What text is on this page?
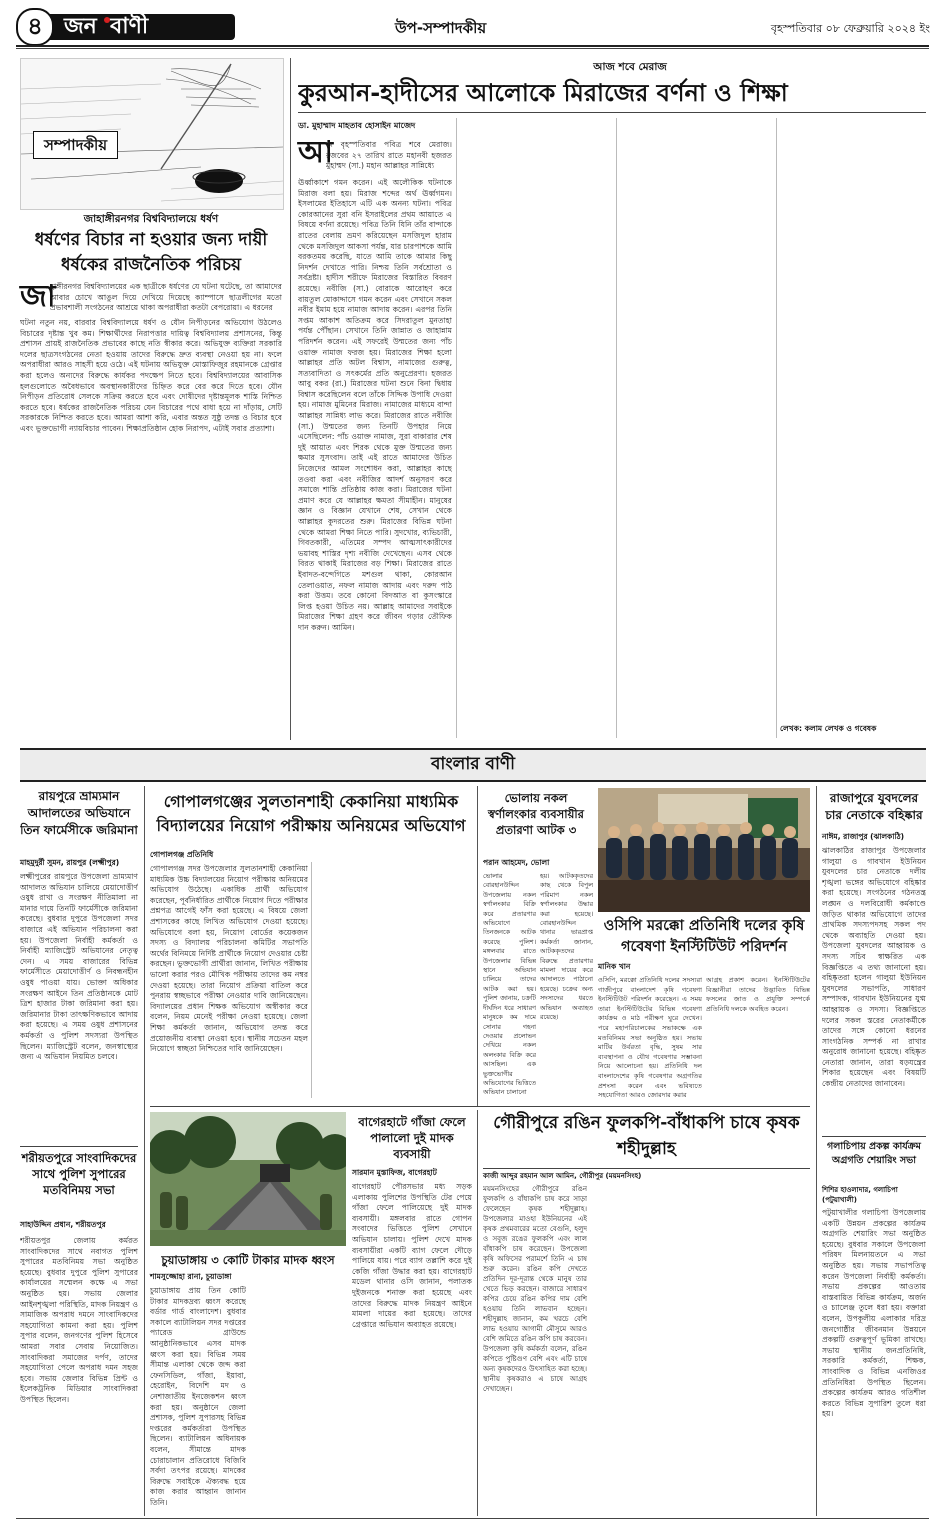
৪ জন বাণী	উপ-সম্পাদকীয়	বৃহস্পতিবার ০৮ ফেব্রুয়ারি ২০২৪ ইং
সম্পাদকীয়
জাহাঙ্গীরনগর বিশ্ববিদ্যালয়ে ধর্ষণ
ধর্ষণের বিচার না হওয়ার জন্য দায়ী ধর্ষকের রাজনৈতিক পরিচয়
জা
হাঙ্গীরনগর বিশ্ববিদ্যালয়ের এক ছাত্রীকে ধর্ষণের যে ঘটনা ঘটেছে, তা আমাদের আবার চোখে আঙুল দিয়ে দেখিয়ে দিয়েছে ক্যাম্পাসে ছাত্রলীগের মতো প্রভাবশালী সংগঠনের আশ্রয়ে থাকা অপরাধীরা কতটা বেপরোয়া। এ ধরনের
ঘটনা নতুন নয়, বারবার বিশ্ববিদ্যালয়ে ধর্ষণ ও যৌন নিপীড়নের অভিযোগ উঠলেও বিচারের দৃষ্টান্ত খুব কম। শিক্ষার্থীদের নিরাপত্তার দায়িত্ব বিশ্ববিদ্যালয় প্রশাসনের, কিন্তু প্রশাসন প্রায়ই রাজনৈতিক প্রভাবের কাছে নতি স্বীকার করে। অভিযুক্ত ব্যক্তিরা সরকারি দলের ছাত্রসংগঠনের নেতা হওয়ায় তাদের বিরুদ্ধে দ্রুত ব্যবস্থা নেওয়া হয় না। ফলে অপরাধীরা আরও সাহসী হয়ে ওঠে। এই ঘটনায় অভিযুক্ত মোস্তাফিজুর রহমানকে গ্রেপ্তার করা হলেও অন্যদের বিরুদ্ধে কার্যকর পদক্ষেপ নিতে হবে। বিশ্ববিদ্যালয়ের আবাসিক হলগুলোতে অবৈধভাবে অবস্থানকারীদের চিহ্নিত করে বের করে দিতে হবে। যৌন নিপীড়ন প্রতিরোধ সেলকে সক্রিয় করতে হবে এবং দোষীদের দৃষ্টান্তমূলক শাস্তি নিশ্চিত করতে হবে। ধর্ষকের রাজনৈতিক পরিচয় যেন বিচারের পথে বাধা হয়ে না দাঁড়ায়, সেটি সরকারকে নিশ্চিত করতে হবে। আমরা আশা করি, এবার অন্তত সুষ্ঠু তদন্ত ও বিচার হবে এবং ভুক্তভোগী ন্যায়বিচার পাবেন। শিক্ষাপ্রতিষ্ঠান হোক নিরাপদ, এটাই সবার প্রত্যাশা।
আজ শবে মেরাজ
কুরআন-হাদীসের আলোকে মিরাজের বর্ণনা ও শিক্ষা
ডা. মুহাম্মাদ মাহতাব হোসাইন মাজেদ
আ
জ বৃহস্পতিবার পবিত্র শবে মেরাজ। রজবের ২৭ তারিখ রাতে মহানবী হজরত মুহাম্মদ (সা.) মহান আল্লাহর সান্নিধ্যে
ঊর্ধ্বাকাশে গমন করেন। এই অলৌকিক ঘটনাকে মিরাজ বলা হয়। মিরাজ শব্দের অর্থ ঊর্ধ্বগমন। ইসলামের ইতিহাসে এটি এক অনন্য ঘটনা। পবিত্র কোরআনের সুরা বনি ইসরাইলের প্রথম আয়াতে এ বিষয়ে বর্ণনা রয়েছে। পবিত্র তিনি যিনি তাঁর বান্দাকে রাতের বেলায় ভ্রমণ করিয়েছেন মসজিদুল হারাম থেকে মসজিদুল আকসা পর্যন্ত, যার চারপাশকে আমি বরকতময় করেছি, যাতে আমি তাকে আমার কিছু নিদর্শন দেখাতে পারি। নিশ্চয় তিনি সর্বশ্রোতা ও সর্বদ্রষ্টা। হাদীস শরীফে মিরাজের বিস্তারিত বিবরণ রয়েছে। নবীজি (সা.) বোরাকে আরোহণ করে বায়তুল মোকাদ্দাসে গমন করেন এবং সেখানে সকল নবীর ইমাম হয়ে নামাজ আদায় করেন। এরপর তিনি সপ্তম আকাশ অতিক্রম করে সিদরাতুল মুনতাহা পর্যন্ত পৌঁছান। সেখানে তিনি জান্নাত ও জাহান্নাম পরিদর্শন করেন। এই সফরেই উম্মতের জন্য পাঁচ ওয়াক্ত নামাজ ফরজ হয়। মিরাজের শিক্ষা হলো আল্লাহর প্রতি অটল বিশ্বাস, নামাজের গুরুত্ব, সত্যবাদিতা ও সৎকর্মের প্রতি অনুপ্রেরণা। হজরত আবু বকর (রা.) মিরাজের ঘটনা শুনে বিনা দ্বিধায় বিশ্বাস করেছিলেন বলে তাঁকে সিদ্দিক উপাধি দেওয়া হয়। নামাজ মুমিনের মিরাজ। নামাজের মাধ্যমে বান্দা আল্লাহর সান্নিধ্য লাভ করে। মিরাজের রাতে নবীজি (সা.) উম্মতের জন্য তিনটি উপহার নিয়ে এসেছিলেন: পাঁচ ওয়াক্ত নামাজ, সুরা বাকারার শেষ দুই আয়াত এবং শিরক থেকে মুক্ত উম্মতের জন্য ক্ষমার সুসংবাদ। তাই এই রাতে আমাদের উচিত নিজেদের আমল সংশোধন করা, আল্লাহর কাছে তওবা করা এবং নবীজির আদর্শ অনুসরণ করে সমাজে শান্তি প্রতিষ্ঠায় কাজ করা। মিরাজের ঘটনা প্রমাণ করে যে আল্লাহর ক্ষমতা সীমাহীন। মানুষের জ্ঞান ও বিজ্ঞান যেখানে শেষ, সেখান থেকে আল্লাহর কুদরতের শুরু। মিরাজের বিভিন্ন ঘটনা থেকে আমরা শিক্ষা নিতে পারি। সুদখোর, ব্যভিচারী, গিবতকারী, এতিমের সম্পদ আত্মসাৎকারীদের ভয়াবহ শাস্তির দৃশ্য নবীজি দেখেছেন। এসব থেকে বিরত থাকাই মিরাজের বড় শিক্ষা। মিরাজের রাতে ইবাদত-বন্দেগিতে মশগুল থাকা, কোরআন তেলাওয়াত, নফল নামাজ আদায় এবং দরুদ পাঠ করা উত্তম। তবে কোনো বিদআত বা কুসংস্কারে লিপ্ত হওয়া উচিত নয়। আল্লাহ আমাদের সবাইকে মিরাজের শিক্ষা গ্রহণ করে জীবন গড়ার তৌফিক দান করুন। আমিন।
লেখক: কলাম লেখক ও গবেষক
বাংলার বাণী
রায়পুরে ভ্রাম্যমান আদালতের অভিযানে তিন ফার্মেসীকে জরিমানা
মাহমুদুর্রী সুমন, রায়পুর (লক্ষ্মীপুর)
লক্ষ্মীপুরের রায়পুরে উপজেলা ভ্রাম্যমাণ আদালত অভিযান চালিয়ে মেয়াদোত্তীর্ণ ওষুধ রাখা ও সংরক্ষণ নীতিমালা না মানার দায়ে তিনটি ফার্মেসীকে জরিমানা করেছে। বুধবার দুপুরে উপজেলা সদর বাজারে এই অভিযান পরিচালনা করা হয়। উপজেলা নির্বাহী কর্মকর্তা ও নির্বাহী ম্যাজিস্ট্রেট অভিযানের নেতৃত্ব দেন। এ সময় বাজারের বিভিন্ন ফার্মেসীতে মেয়াদোত্তীর্ণ ও নিবন্ধনহীন ওষুধ পাওয়া যায়। ভোক্তা অধিকার সংরক্ষণ আইনে তিন প্রতিষ্ঠানকে মোট ত্রিশ হাজার টাকা জরিমানা করা হয়। জরিমানার টাকা তাৎক্ষণিকভাবে আদায় করা হয়েছে। এ সময় ওষুধ প্রশাসনের কর্মকর্তা ও পুলিশ সদস্যরা উপস্থিত ছিলেন। ম্যাজিস্ট্রেট বলেন, জনস্বাস্থ্যের জন্য এ অভিযান নিয়মিত চলবে।
শরীয়তপুরে সাংবাদিকদের সাথে পুলিশ সুপারের মতবিনিময় সভা
সাহাউদ্দিন প্রধান, শরীয়তপুর
শরীয়তপুর জেলায় কর্মরত সাংবাদিকদের সাথে নবাগত পুলিশ সুপারের মতবিনিময় সভা অনুষ্ঠিত হয়েছে। বুধবার দুপুরে পুলিশ সুপারের কার্যালয়ের সম্মেলন কক্ষে এ সভা অনুষ্ঠিত হয়। সভায় জেলার আইনশৃঙ্খলা পরিস্থিতি, মাদক নিয়ন্ত্রণ ও সামাজিক অপরাধ দমনে সাংবাদিকদের সহযোগিতা কামনা করা হয়। পুলিশ সুপার বলেন, জনগণের পুলিশ হিসেবে আমরা সবার সেবায় নিয়োজিত। সাংবাদিকরা সমাজের দর্পণ, তাদের সহযোগিতা পেলে অপরাধ দমন সহজ হবে। সভায় জেলার বিভিন্ন প্রিন্ট ও ইলেকট্রনিক মিডিয়ার সাংবাদিকরা উপস্থিত ছিলেন।
গোপালগঞ্জের সুলতানশাহী কেকানিয়া মাধ্যমিক বিদ্যালয়ের নিয়োগ পরীক্ষায় অনিয়মের অভিযোগ
গোপালগঞ্জ প্রতিনিধি
গোপালগঞ্জ সদর উপজেলার সুলতানশাহী কেকানিয়া মাধ্যমিক উচ্চ বিদ্যালয়ের নিয়োগ পরীক্ষায় অনিয়মের অভিযোগ উঠেছে। একাধিক প্রার্থী অভিযোগ করেছেন, পূর্বনির্ধারিত প্রার্থীকে নিয়োগ দিতে পরীক্ষার প্রশ্নপত্র আগেই ফাঁস করা হয়েছে। এ বিষয়ে জেলা প্রশাসকের কাছে লিখিত অভিযোগ দেওয়া হয়েছে। অভিযোগে বলা হয়, নিয়োগ বোর্ডের কয়েকজন সদস্য ও বিদ্যালয় পরিচালনা কমিটির সভাপতি অর্থের বিনিময়ে নির্দিষ্ট প্রার্থীকে নিয়োগ দেওয়ার চেষ্টা করছেন। ভুক্তভোগী প্রার্থীরা জানান, লিখিত পরীক্ষায় ভালো করার পরও মৌখিক পরীক্ষায় তাদের কম নম্বর দেওয়া হয়েছে। তারা নিয়োগ প্রক্রিয়া বাতিল করে পুনরায় স্বচ্ছভাবে পরীক্ষা নেওয়ার দাবি জানিয়েছেন। বিদ্যালয়ের প্রধান শিক্ষক অভিযোগ অস্বীকার করে বলেন, নিয়ম মেনেই পরীক্ষা নেওয়া হয়েছে। জেলা শিক্ষা কর্মকর্তা জানান, অভিযোগ তদন্ত করে প্রয়োজনীয় ব্যবস্থা নেওয়া হবে। স্থানীয় সচেতন মহল নিয়োগে স্বচ্ছতা নিশ্চিতের দাবি জানিয়েছেন।
ভোলায় নকল স্বর্ণালংকার ব্যবসায়ীর প্রতারণা আটক ৩
পরান আহমেদ, ভোলা
ভোলার বোরহানউদ্দিন উপজেলায় নকল স্বর্ণালংকার বিক্রি করে প্রতারণার অভিযোগে তিনজনকে আটক করেছে পুলিশ। মঙ্গলবার রাতে উপজেলার বিভিন্ন স্থানে অভিযান চালিয়ে তাদের আটক করা হয়। পুলিশ জানায়, চক্রটি দীর্ঘদিন ধরে সাধারণ মানুষকে কম দামে সোনার গহনা দেওয়ার প্রলোভন দেখিয়ে নকল অলংকার বিক্রি করে আসছিল। এক ভুক্তভোগীর অভিযোগের ভিত্তিতে অভিযান চালানো
হয়। আটককৃতদের কাছ থেকে বিপুল পরিমাণ নকল স্বর্ণালংকার উদ্ধার করা হয়েছে। বোরহানউদ্দিন থানার ভারপ্রাপ্ত কর্মকর্তা জানান, আটককৃতদের বিরুদ্ধে প্রতারণার মামলা দায়ের করে আদালতে পাঠানো হয়েছে। চক্রের অন্য সদস্যদের ধরতে অভিযান অব্যাহত রয়েছে।
ওসিপি মরক্কো প্রতিনিধি দলের কৃষি গবেষণা ইনস্টিটিউট পরিদর্শন
মানিক খান
ওসিপি, মরক্কো প্রতিনিধি দলের সদস্যরা গাজীপুরে বাংলাদেশ কৃষি গবেষণা ইনস্টিটিউট পরিদর্শন করেছেন। এ সময় তারা ইনস্টিটিউটের বিভিন্ন গবেষণা কার্যক্রম ও মাঠ পরীক্ষণ ঘুরে দেখেন। পরে মহাপরিচালকের সভাকক্ষে এক মতবিনিময় সভা অনুষ্ঠিত হয়। সভায় মাটির উর্বরতা বৃদ্ধি, সুষম সার ব্যবস্থাপনা ও যৌথ গবেষণার সম্ভাবনা নিয়ে আলোচনা হয়। প্রতিনিধি দল বাংলাদেশের কৃষি গবেষণার অগ্রগতির প্রশংসা করেন এবং ভবিষ্যতে সহযোগিতা আরও জোরদার করার
আগ্রহ প্রকাশ করেন। ইনস্টিটিউটের বিজ্ঞানীরা তাদের উদ্ভাবিত বিভিন্ন ফসলের জাত ও প্রযুক্তি সম্পর্কে প্রতিনিধি দলকে অবহিত করেন।
রাজাপুরে যুবদলের চার নেতাকে বহিষ্কার
নাঈম, রাজাপুর (ঝালকাঠি)
ঝালকাঠির রাজাপুর উপজেলার গালুয়া ও গাবখান ইউনিয়ন যুবদলের চার নেতাকে দলীয় শৃঙ্খলা ভঙ্গের অভিযোগে বহিষ্কার করা হয়েছে। সংগঠনের গঠনতন্ত্র লঙ্ঘন ও দলবিরোধী কর্মকাণ্ডে জড়িত থাকার অভিযোগে তাদের প্রাথমিক সদস্যপদসহ সকল পদ থেকে অব্যাহতি দেওয়া হয়। উপজেলা যুবদলের আহ্বায়ক ও সদস্য সচিব স্বাক্ষরিত এক বিজ্ঞপ্তিতে এ তথ্য জানানো হয়। বহিষ্কৃতরা হলেন গালুয়া ইউনিয়ন যুবদলের সভাপতি, সাধারণ সম্পাদক, গাবখান ইউনিয়নের যুগ্ম আহ্বায়ক ও সদস্য। বিজ্ঞপ্তিতে দলের সকল স্তরের নেতাকর্মীকে তাদের সঙ্গে কোনো ধরনের সাংগঠনিক সম্পর্ক না রাখার অনুরোধ জানানো হয়েছে। বহিষ্কৃত নেতারা জানান, তারা ষড়যন্ত্রের শিকার হয়েছেন এবং বিষয়টি কেন্দ্রীয় নেতাদের জানাবেন।
গলাচিপায় প্রকল্প কার্যক্রম অগ্রগতি শেয়ারিং সভা
শিশির হাওলাদার, গলাচিপা (পটুয়াখালী)
পটুয়াখালীর গলাচিপা উপজেলায় একটি উন্নয়ন প্রকল্পের কার্যক্রম অগ্রগতি শেয়ারিং সভা অনুষ্ঠিত হয়েছে। বুধবার সকালে উপজেলা পরিষদ মিলনায়তনে এ সভা অনুষ্ঠিত হয়। সভায় সভাপতিত্ব করেন উপজেলা নির্বাহী কর্মকর্তা। সভায় প্রকল্পের আওতায় বাস্তবায়িত বিভিন্ন কার্যক্রম, অর্জন ও চ্যালেঞ্জ তুলে ধরা হয়। বক্তারা বলেন, উপকূলীয় এলাকার দরিদ্র জনগোষ্ঠীর জীবনমান উন্নয়নে প্রকল্পটি গুরুত্বপূর্ণ ভূমিকা রাখছে। সভায় স্থানীয় জনপ্রতিনিধি, সরকারি কর্মকর্তা, শিক্ষক, সাংবাদিক ও বিভিন্ন এনজিওর প্রতিনিধিরা উপস্থিত ছিলেন। প্রকল্পের কার্যক্রম আরও গতিশীল করতে বিভিন্ন সুপারিশ তুলে ধরা হয়।
বাগেরহাটে গাঁজা ফেলে পালালো দুই মাদক ব্যবসায়ী
সারমান মুস্তাফিজ, বাগেরহাট
বাগেরহাট পৌরসভার মধ্য সড়ক এলাকায় পুলিশের উপস্থিতি টের পেয়ে গাঁজা ফেলে পালিয়েছে দুই মাদক ব্যবসায়ী। মঙ্গলবার রাতে গোপন সংবাদের ভিত্তিতে পুলিশ সেখানে অভিযান চালায়। পুলিশ দেখে মাদক ব্যবসায়ীরা একটি ব্যাগ ফেলে দৌড়ে পালিয়ে যায়। পরে ব্যাগ তল্লাশি করে দুই কেজি গাঁজা উদ্ধার করা হয়। বাগেরহাট মডেল থানার ওসি জানান, পলাতক দুইজনকে শনাক্ত করা হয়েছে এবং তাদের বিরুদ্ধে মাদক নিয়ন্ত্রণ আইনে মামলা দায়ের করা হয়েছে। তাদের গ্রেপ্তারে অভিযান অব্যাহত রয়েছে।
চুয়াডাঙ্গায় ৩ কোটি টাকার মাদক ধ্বংস
শামসুজ্জোহা রানা, চুয়াডাঙ্গা
চুয়াডাঙ্গায় প্রায় তিন কোটি টাকার মাদকদ্রব্য ধ্বংস করেছে বর্ডার গার্ড বাংলাদেশ। বুধবার সকালে ব্যাটালিয়ন সদর দপ্তরের প্যারেড গ্রাউন্ডে আনুষ্ঠানিকভাবে এসব মাদক ধ্বংস করা হয়। বিভিন্ন সময় সীমান্ত এলাকা থেকে জব্দ করা ফেনসিডিল, গাঁজা, ইয়াবা, হেরোইন, বিদেশি মদ ও নেশাজাতীয় ইনজেকশন ধ্বংস করা হয়। অনুষ্ঠানে জেলা প্রশাসক, পুলিশ সুপারসহ বিভিন্ন দপ্তরের কর্মকর্তারা উপস্থিত ছিলেন। ব্যাটালিয়ন অধিনায়ক বলেন, সীমান্তে মাদক চোরাচালান প্রতিরোধে বিজিবি সর্বদা তৎপর রয়েছে। মাদকের বিরুদ্ধে সবাইকে ঐক্যবদ্ধ হয়ে কাজ করার আহ্বান জানান তিনি।
গৌরীপুরে রঙিন ফুলকপি-বাঁধাকপি চাষে কৃষক শহীদুল্লাহ
কাজী আব্দুর রহমান আল আমিন, গৌরীপুর (ময়মনসিংহ)
ময়মনসিংহের গৌরীপুরে রঙিন ফুলকপি ও বাঁধাকপি চাষ করে সাড়া ফেলেছেন কৃষক শহীদুল্লাহ। উপজেলার মাওহা ইউনিয়নের এই কৃষক প্রথমবারের মতো বেগুনি, হলুদ ও সবুজ রঙের ফুলকপি এবং লাল বাঁধাকপি চাষ করেছেন। উপজেলা কৃষি অফিসের পরামর্শে তিনি এ চাষ শুরু করেন। রঙিন কপি দেখতে প্রতিদিন দূর-দূরান্ত থেকে মানুষ তার খেতে ভিড় করছেন। বাজারে সাধারণ কপির চেয়ে রঙিন কপির দাম বেশি হওয়ায় তিনি লাভবান হচ্ছেন। শহীদুল্লাহ জানান, কম খরচে বেশি লাভ হওয়ায় আগামী মৌসুমে আরও বেশি জমিতে রঙিন কপি চাষ করবেন। উপজেলা কৃষি কর্মকর্তা বলেন, রঙিন কপিতে পুষ্টিগুণ বেশি এবং এটি চাষে অন্য কৃষকদেরও উৎসাহিত করা হচ্ছে। স্থানীয় কৃষকরাও এ চাষে আগ্রহ দেখাচ্ছেন।
